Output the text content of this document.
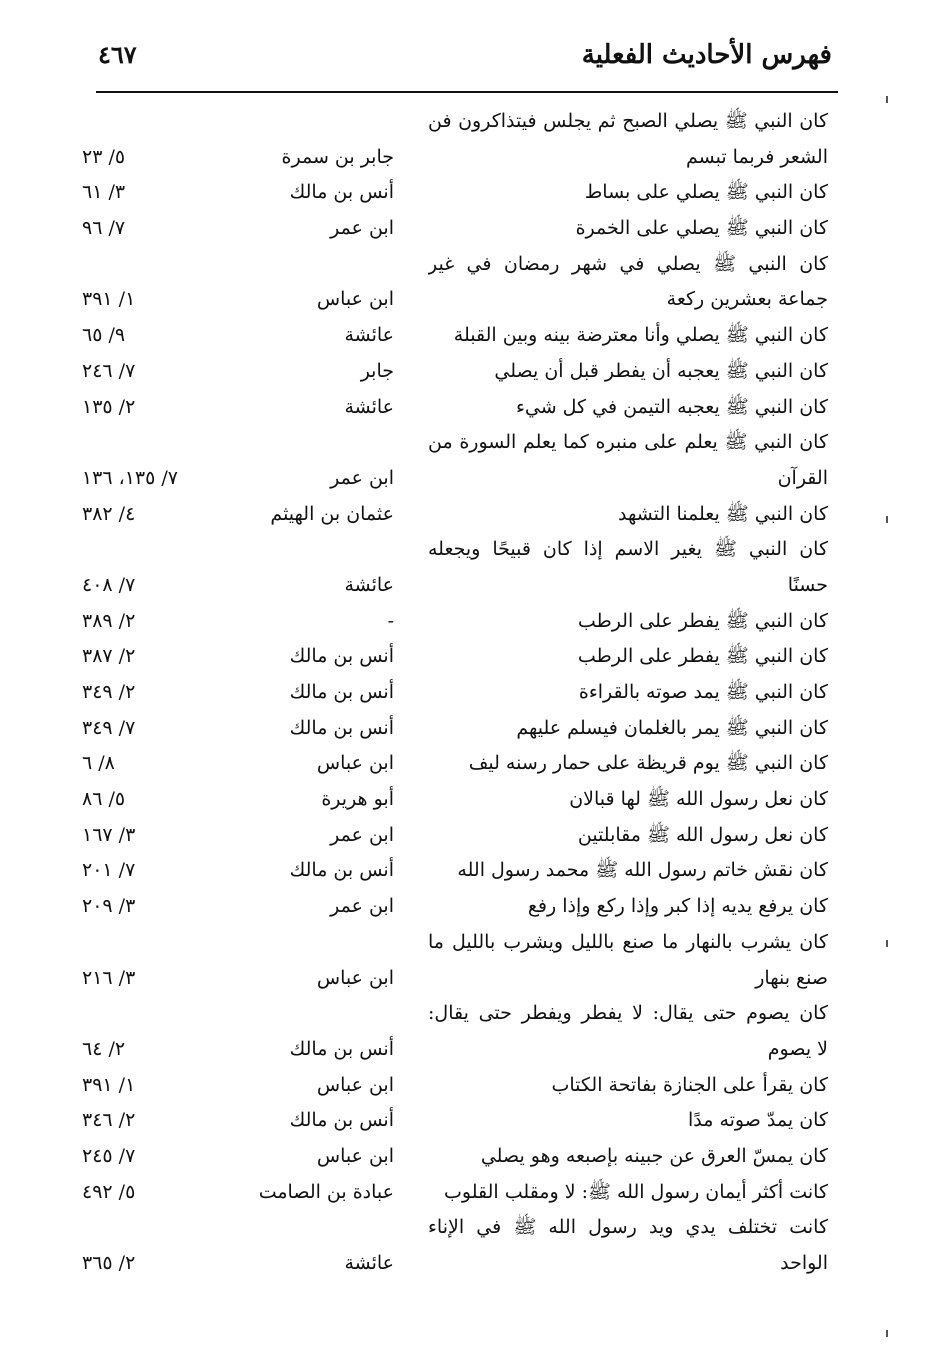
فهرس الأحاديث الفعلية
٤٦٧
كان النبي ﷺ يصلي الصبح ثم يجلس فيتذاكرون فن
الشعر فربما تبسم
جابر بن سمرة
٥/ ٢٣
كان النبي ﷺ يصلي على بساط
أنس بن مالك
٣/ ٦١
كان النبي ﷺ يصلي على الخمرة
ابن عمر
٧/ ٩٦
كان النبي ﷺ يصلي في شهر رمضان في غير
جماعة بعشرين ركعة
ابن عباس
١/ ٣٩١
كان النبي ﷺ يصلي وأنا معترضة بينه وبين القبلة
عائشة
٩/ ٦٥
كان النبي ﷺ يعجبه أن يفطر قبل أن يصلي
جابر
٧/ ٢٤٦
كان النبي ﷺ يعجبه التيمن في كل شيء
عائشة
٢/ ١٣٥
كان النبي ﷺ يعلم على منبره كما يعلم السورة من
القرآن
ابن عمر
٧/ ١٣٥، ١٣٦
كان النبي ﷺ يعلمنا التشهد
عثمان بن الهيثم
٤/ ٣٨٢
كان النبي ﷺ يغير الاسم إذا كان قبيحًا ويجعله
حسنًا
عائشة
٧/ ٤٠٨
كان النبي ﷺ يفطر على الرطب
-
٢/ ٣٨٩
كان النبي ﷺ يفطر على الرطب
أنس بن مالك
٢/ ٣٨٧
كان النبي ﷺ يمد صوته بالقراءة
أنس بن مالك
٢/ ٣٤٩
كان النبي ﷺ يمر بالغلمان فيسلم عليهم
أنس بن مالك
٧/ ٣٤٩
كان النبي ﷺ يوم قريظة على حمار رسنه ليف
ابن عباس
٨/ ٦
كان نعل رسول الله ﷺ لها قبالان
أبو هريرة
٥/ ٨٦
كان نعل رسول الله ﷺ مقابلتين
ابن عمر
٣/ ١٦٧
كان نقش خاتم رسول الله ﷺ محمد رسول الله
أنس بن مالك
٧/ ٢٠١
كان يرفع يديه إذا كبر وإذا ركع وإذا رفع
ابن عمر
٣/ ٢٠٩
كان يشرب بالنهار ما صنع بالليل ويشرب بالليل ما
صنع بنهار
ابن عباس
٣/ ٢١٦
كان يصوم حتى يقال: لا يفطر ويفطر حتى يقال:
لا يصوم
أنس بن مالك
٢/ ٦٤
كان يقرأ على الجنازة بفاتحة الكتاب
ابن عباس
١/ ٣٩١
كان يمدّ صوته مدًا
أنس بن مالك
٢/ ٣٤٦
كان يمسّ العرق عن جبينه بإصبعه وهو يصلي
ابن عباس
٧/ ٢٤٥
كانت أكثر أيمان رسول الله ﷺ: لا ومقلب القلوب
عبادة بن الصامت
٥/ ٤٩٢
كانت تختلف يدي ويد رسول الله ﷺ في الإناء
الواحد
عائشة
٢/ ٣٦٥
